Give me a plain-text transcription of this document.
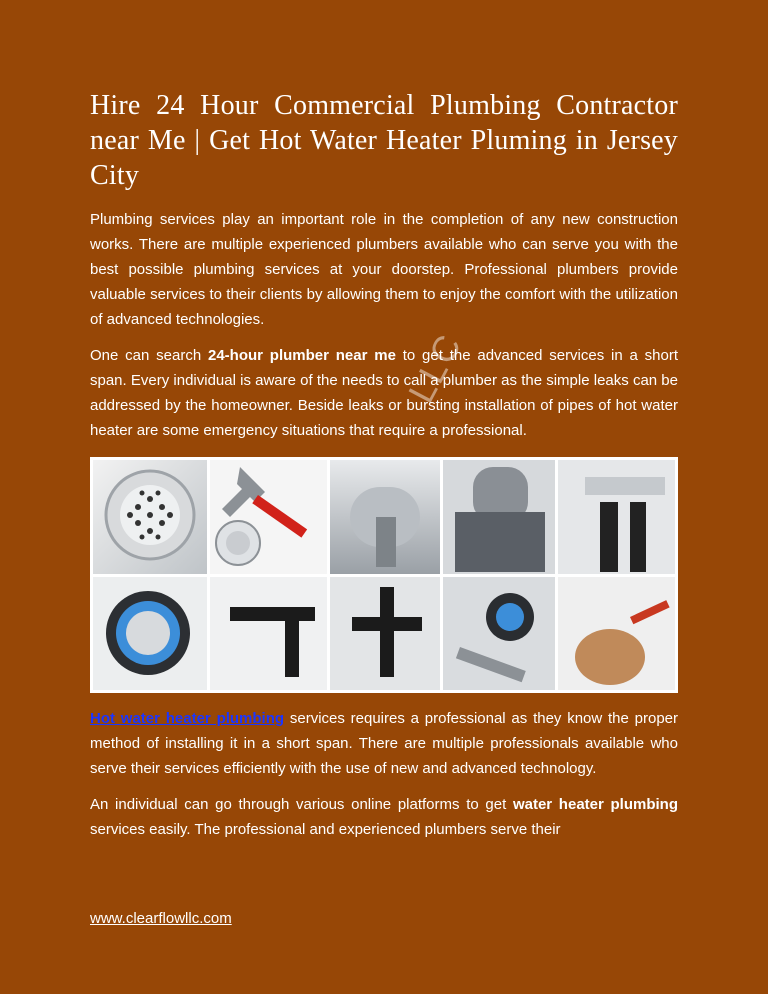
Hire 24 Hour Commercial Plumbing Contractor near Me | Get Hot Water Heater Pluming in Jersey City

Plumbing services play an important role in the completion of any new construction works. There are multiple experienced plumbers available who can serve you with the best possible plumbing services at your doorstep. Professional plumbers provide valuable services to their clients by allowing them to enjoy the comfort with the utilization of advanced technologies.

One can search 24-hour plumber near me to get the advanced services in a short span. Every individual is aware of the needs to call a plumber as the simple leaks can be addressed by the homeowner. Beside leaks or bursting installation of pipes of hot water heater are some emergency situations that require a professional.

LLC

Hot water heater plumbing services requires a professional as they know the proper method of installing it in a short span. There are multiple professionals available who serve their services efficiently with the use of new and advanced technology.

An individual can go through various online platforms to get water heater plumbing services easily. The professional and experienced plumbers serve their

www.clearflowllc.com
